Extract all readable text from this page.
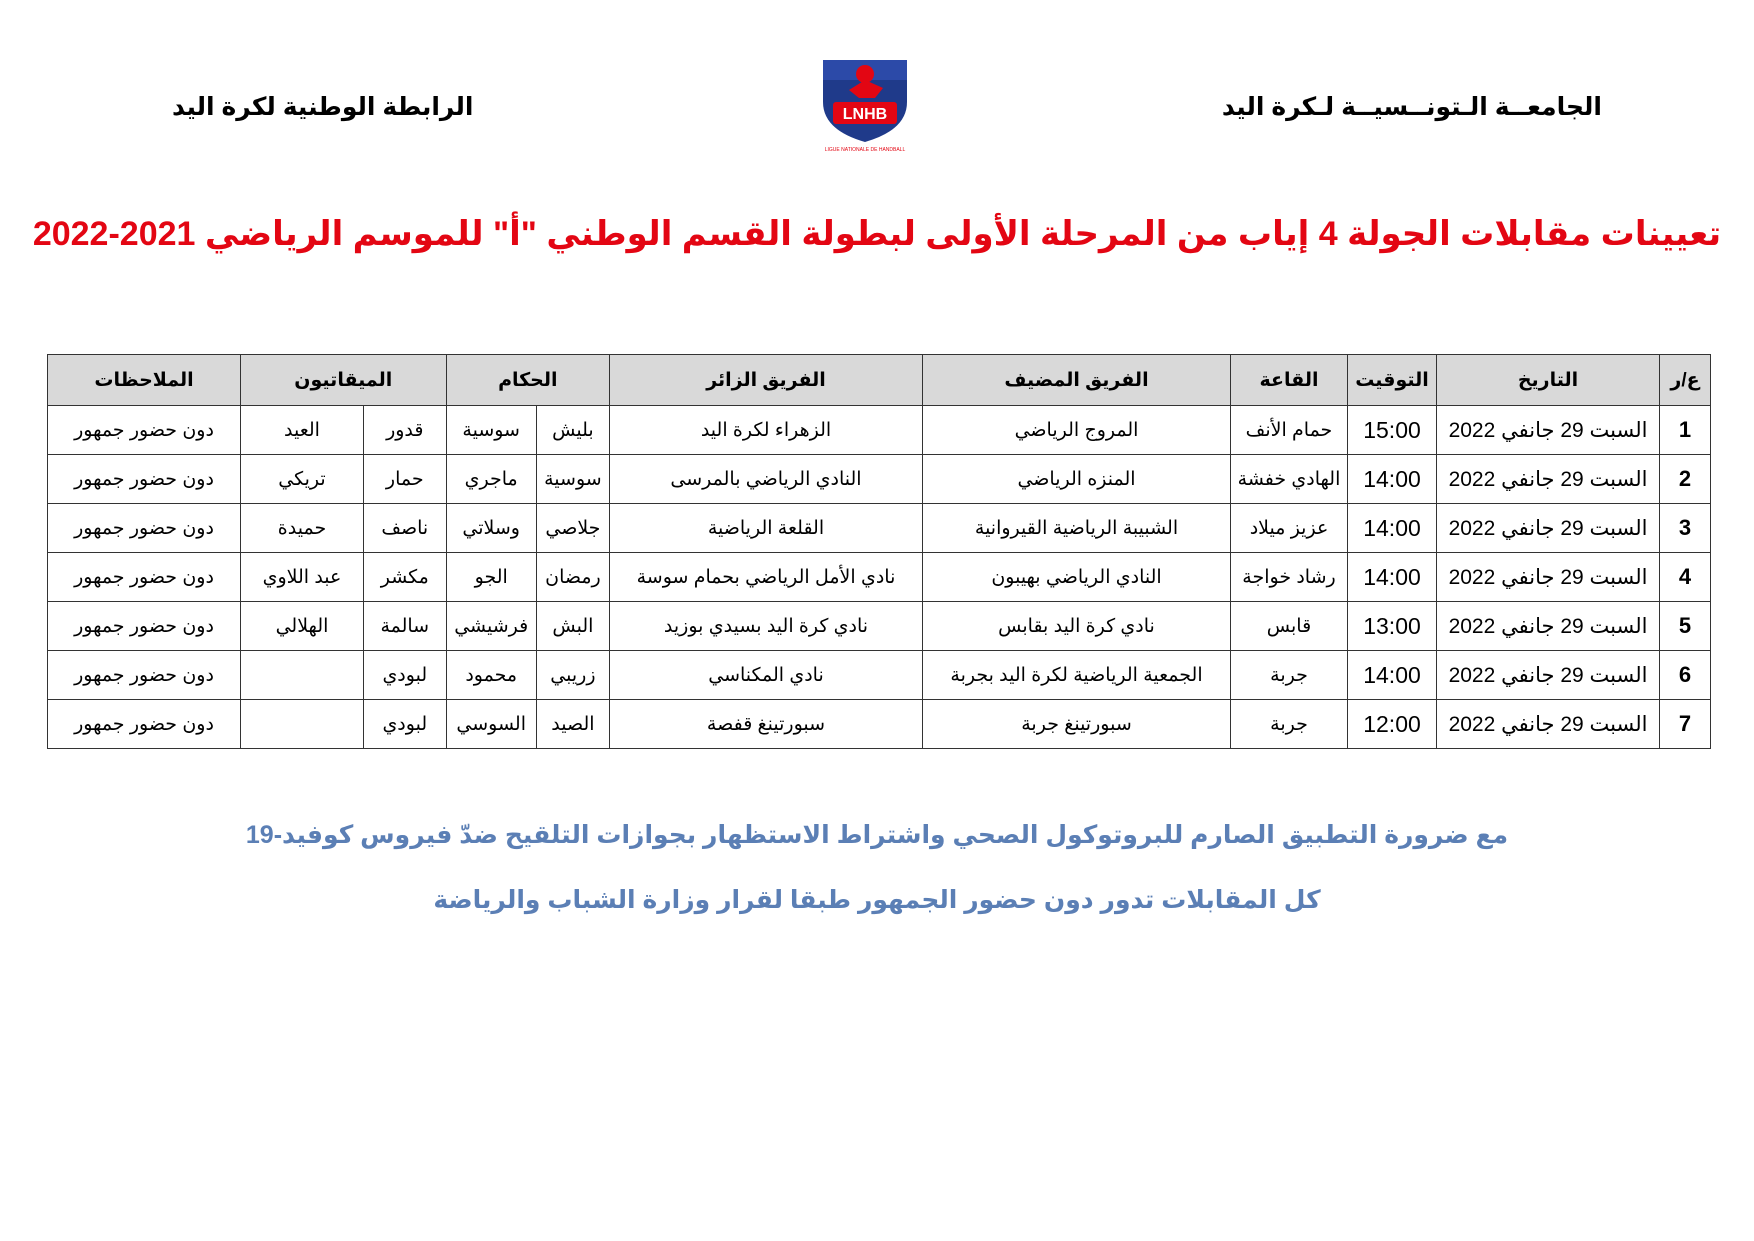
الجامعــة الـتونــسيــة لـكرة اليد
الرابطة الوطنية لكرة اليد	LNHB
LIGUE NATIONALE DE HANDBALL
تعيينات مقابلات الجولة 4 إياب من المرحلة الأولى لبطولة القسم الوطني "أ" للموسم الرياضي 2021-2022
ع/ر	التاريخ	التوقيت	القاعة	الفريق المضيف	الفريق الزائر	الحكام		الميقاتيون		الملاحظات
1	السبت 29 جانفي 2022	15:00	حمام الأنف	المروج الرياضي	الزهراء لكرة اليد	بليش	سوسية	قدور	العيد	دون حضور جمهور
2	السبت 29 جانفي 2022	14:00	الهادي خفشة	المنزه الرياضي	النادي الرياضي بالمرسى	سوسية	ماجري	حمار	تريكي	دون حضور جمهور
3	السبت 29 جانفي 2022	14:00	عزيز ميلاد	الشبيبة الرياضية القيروانية	القلعة الرياضية	جلاصي	وسلاتي	ناصف	حميدة	دون حضور جمهور
4	السبت 29 جانفي 2022	14:00	رشاد خواجة	النادي الرياضي بهيبون	نادي الأمل الرياضي بحمام سوسة	رمضان	الجو	مكشر	عبد اللاوي	دون حضور جمهور
5	السبت 29 جانفي 2022	13:00	قابس	نادي كرة اليد بقابس	نادي كرة اليد بسيدي بوزيد	البش	فرشيشي	سالمة	الهلالي	دون حضور جمهور
6	السبت 29 جانفي 2022	14:00	جربة	الجمعية الرياضية لكرة اليد بجربة	نادي المكناسي	زريبي	محمود	لبودي		دون حضور جمهور
7	السبت 29 جانفي 2022	12:00	جربة	سبورتينغ جربة	سبورتينغ قفصة	الصيد	السوسي	لبودي		دون حضور جمهور
مع ضرورة التطبيق الصارم للبروتوكول الصحي واشتراط الاستظهار بجوازات التلقيح ضدّ فيروس كوفيد-19
كل المقابلات تدور دون حضور الجمهور طبقا لقرار وزارة الشباب والرياضة
